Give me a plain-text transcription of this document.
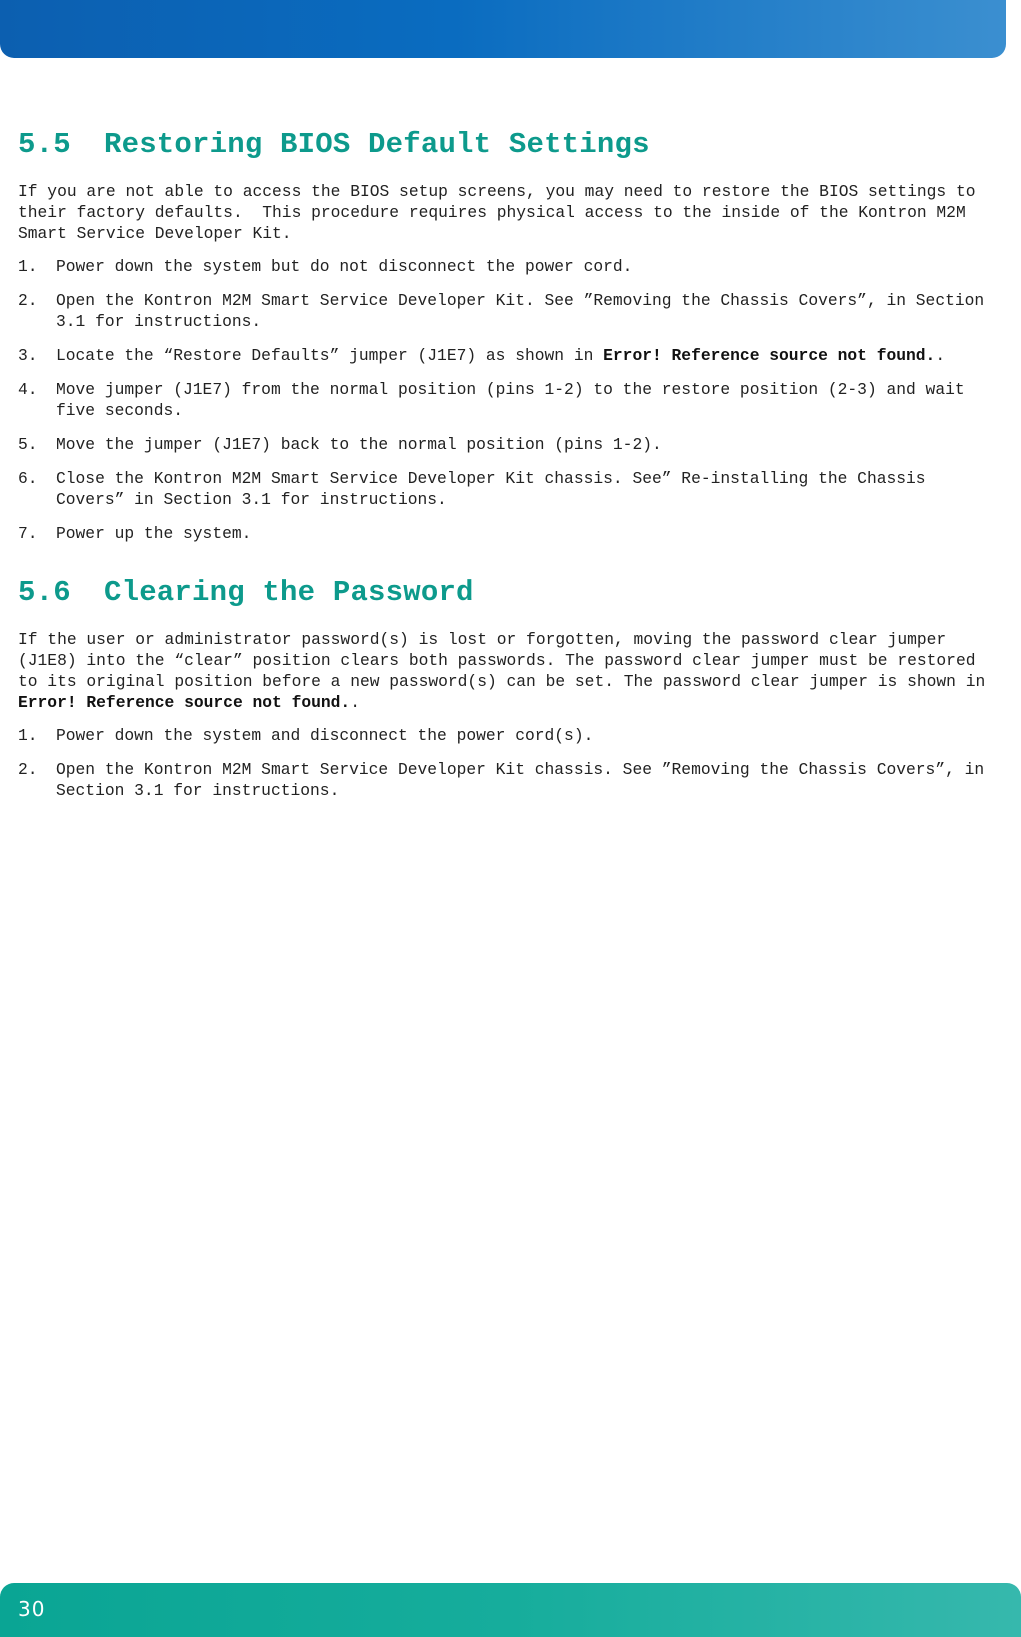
5.5	Restoring BIOS Default Settings

If you are not able to access the BIOS setup screens, you may need to restore the BIOS settings to their factory defaults.  This procedure requires physical access to the inside of the Kontron M2M Smart Service Developer Kit.

1. Power down the system but do not disconnect the power cord.
2. Open the Kontron M2M Smart Service Developer Kit. See ”Removing the Chassis Covers”, in Section 3.1 for instructions.
3. Locate the “Restore Defaults” jumper (J1E7) as shown in Error! Reference source not found..
4. Move jumper (J1E7) from the normal position (pins 1-2) to the restore position (2-3) and wait five seconds.
5. Move the jumper (J1E7) back to the normal position (pins 1-2).
6. Close the Kontron M2M Smart Service Developer Kit chassis. See” Re-installing the Chassis Covers” in Section 3.1 for instructions.
7. Power up the system.
5.6	Clearing the Password

If the user or administrator password(s) is lost or forgotten, moving the password clear jumper (J1E8) into the “clear” position clears both passwords. The password clear jumper must be restored to its original position before a new password(s) can be set. The password clear jumper is shown in Error! Reference source not found..

1. Power down the system and disconnect the power cord(s).
2. Open the Kontron M2M Smart Service Developer Kit chassis. See ”Removing the Chassis Covers”, in Section 3.1 for instructions.
30
